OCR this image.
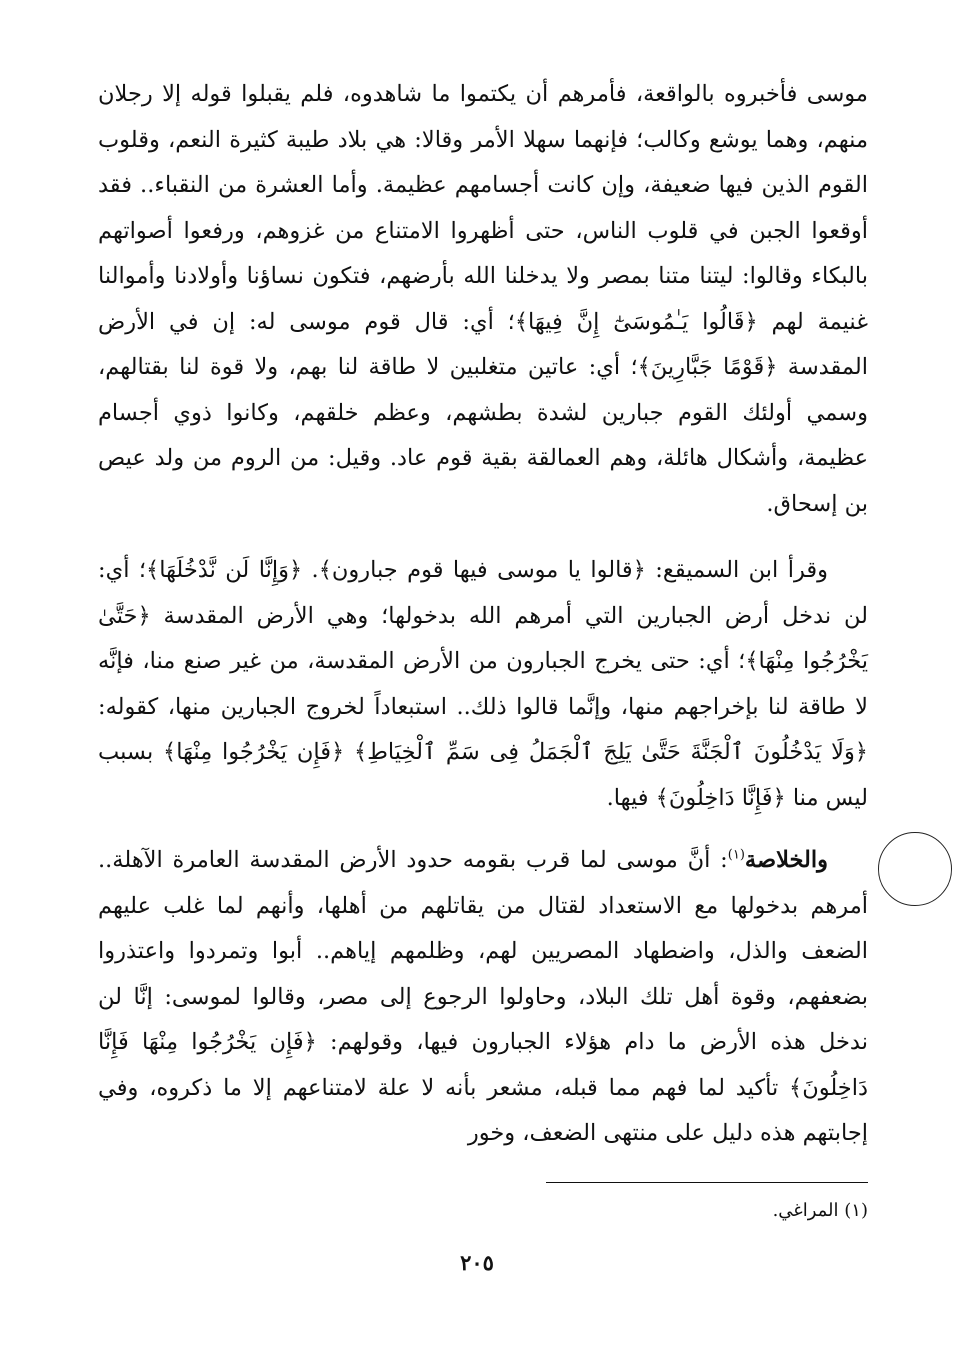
موسى فأخبروه بالواقعة، فأمرهم أن يكتموا ما شاهدوه، فلم يقبلوا قوله إلا رجلان منهم، وهما يوشع وكالب؛ فإنهما سهلا الأمر وقالا: هي بلاد طيبة كثيرة النعم، وقلوب القوم الذين فيها ضعيفة، وإن كانت أجسامهم عظيمة. وأما العشرة من النقباء.. فقد أوقعوا الجبن في قلوب الناس، حتى أظهروا الامتناع من غزوهم، ورفعوا أصواتهم بالبكاء وقالوا: ليتنا متنا بمصر ولا يدخلنا الله بأرضهم، فتكون نساؤنا وأولادنا وأموالنا غنيمة لهم ﴿قَالُوا يَـٰمُوسَىٰٓ إِنَّ فِيهَا﴾؛ أي: قال قوم موسى له: إن في الأرض المقدسة ﴿قَوْمًا جَبَّارِينَ﴾؛ أي: عاتين متغلبين لا طاقة لنا بهم، ولا قوة لنا بقتالهم، وسمي أولئك القوم جبارين لشدة بطشهم، وعظم خلقهم، وكانوا ذوي أجسام عظيمة، وأشكال هائلة، وهم العمالقة بقية قوم عاد. وقيل: من الروم من ولد عيص بن إسحاق.

وقرأ ابن السميقع: ﴿قالوا يا موسى فيها قوم جبارون﴾. ﴿وَإِنَّا لَن نَّدْخُلَهَا﴾؛ أي: لن ندخل أرض الجبارين التي أمرهم الله بدخولها؛ وهي الأرض المقدسة ﴿حَتَّىٰ يَخْرُجُوا مِنْهَا﴾؛ أي: حتى يخرج الجبارون من الأرض المقدسة، من غير صنع منا، فإنَّه لا طاقة لنا بإخراجهم منها، وإنَّما قالوا ذلك.. استبعاداً لخروج الجبارين منها، كقوله: ﴿وَلَا يَدْخُلُونَ ٱلْجَنَّةَ حَتَّىٰ يَلِجَ ٱلْجَمَلُ فِى سَمِّ ٱلْخِيَاطِ﴾ ﴿فَإِن يَخْرُجُوا مِنْهَا﴾ بسبب ليس منا ﴿فَإِنَّا دَاخِلُونَ﴾ فيها.

والخلاصة$^{(١)}$: أنَّ موسى لما قرب بقومه حدود الأرض المقدسة العامرة الآهلة.. أمرهم بدخولها مع الاستعداد لقتال من يقاتلهم من أهلها، وأنهم لما غلب عليهم الضعف والذل، واضطهاد المصريين لهم، وظلمهم إياهم.. أبوا وتمردوا واعتذروا بضعفهم، وقوة أهل تلك البلاد، وحاولوا الرجوع إلى مصر، وقالوا لموسى: إنَّا لن ندخل هذه الأرض ما دام هؤلاء الجبارون فيها، وقولهم: ﴿فَإِن يَخْرُجُوا مِنْهَا فَإِنَّا دَاخِلُونَ﴾ تأكيد لما فهم مما قبله، مشعر بأنه لا علة لامتناعهم إلا ما ذكروه، وفي إجابتهم هذه دليل على منتهى الضعف، وخور

(١) المراغي.

٢٠٥
